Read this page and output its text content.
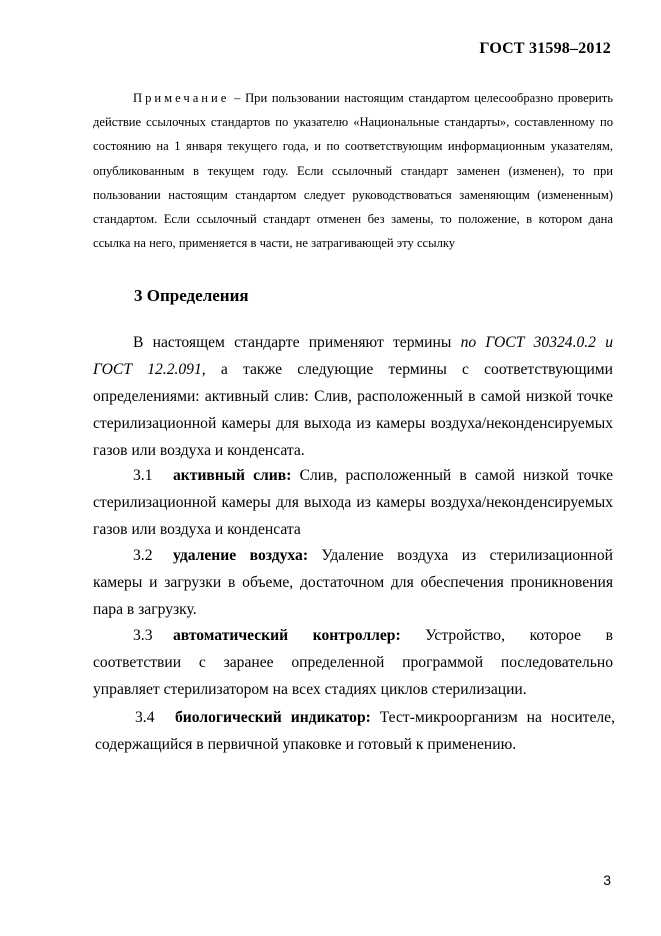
ГОСТ 31598–2012
Примечание – При пользовании настоящим стандартом целесообразно проверить действие ссылочных стандартов по указателю «Национальные стандарты», составленному по состоянию на 1 января текущего года, и по соответствующим информационным указателям, опубликованным в текущем году. Если ссылочный стандарт заменен (изменен), то при пользовании настоящим стандартом следует руководствоваться заменяющим (измененным) стандартом. Если ссылочный стандарт отменен без замены, то положение, в котором дана ссылка на него, применяется в части, не затрагивающей эту ссылку
3 Определения
В настоящем стандарте применяют термины по ГОСТ 30324.0.2 и ГОСТ 12.2.091, а также следующие термины с соответствующими определениями: активный слив: Слив, расположенный в самой низкой точке стерилизационной камеры для выхода из камеры воздуха/неконденсируемых газов или воздуха и конденсата.
3.1 активный слив: Слив, расположенный в самой низкой точке стерилизационной камеры для выхода из камеры воздуха/неконденсируемых газов или воздуха и конденсата
3.2 удаление воздуха: Удаление воздуха из стерилизационной камеры и загрузки в объеме, достаточном для обеспечения проникновения пара в загрузку.
3.3 автоматический контроллер: Устройство, которое в соответствии с заранее определенной программой последовательно управляет стерилизатором на всех стадиях циклов стерилизации.
3.4 биологический индикатор: Тест-микроорганизм на носителе, содержащийся в первичной упаковке и готовый к применению.
3
